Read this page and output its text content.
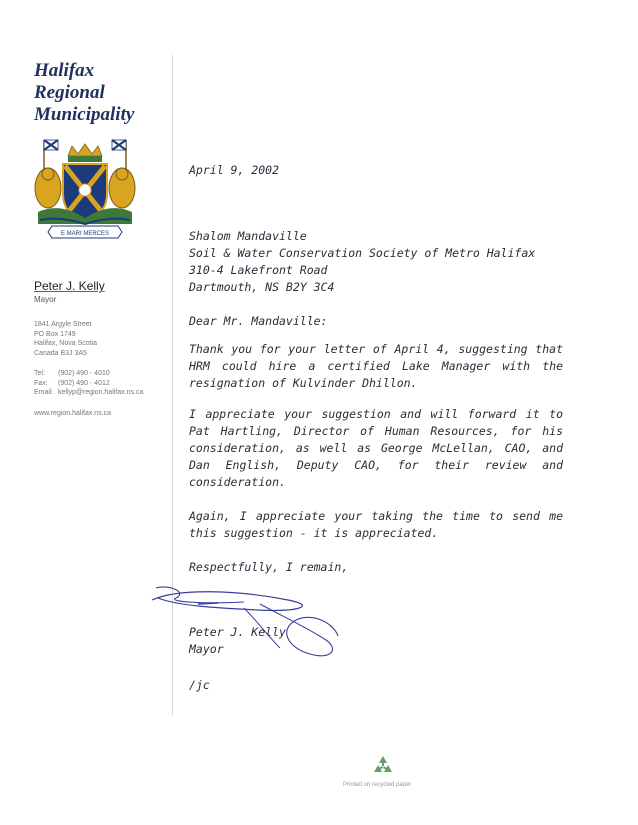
Halifax
Regional
Municipality
E MARI MERCES
Peter J. Kelly
Mayor
1841 Argyle Street
PO Box 1749
Halifax, Nova Scotia
Canada B3J 3A5
Tel:	(902) 490 - 4010
Fax:	(902) 490 - 4012
Email: kellyp@region.halifax.ns.ca
www.region.halifax.ns.ca
April 9, 2002
Shalom Mandaville
Soil & Water Conservation Society of Metro Halifax
310-4 Lakefront Road
Dartmouth, NS B2Y 3C4
Dear Mr. Mandaville:
Thank you for your letter of April 4, suggesting that HRM could hire a certified Lake Manager with the resignation of Kulvinder Dhillon.
I appreciate your suggestion and will forward it to Pat Hartling, Director of Human Resources, for his consideration, as well as George McLellan, CAO, and Dan English, Deputy CAO, for their review and consideration.
Again, I appreciate your taking the time to send me this suggestion - it is appreciated.
Respectfully, I remain,
Peter J. Kelly
Mayor
/jc
Printed on recycled paper
